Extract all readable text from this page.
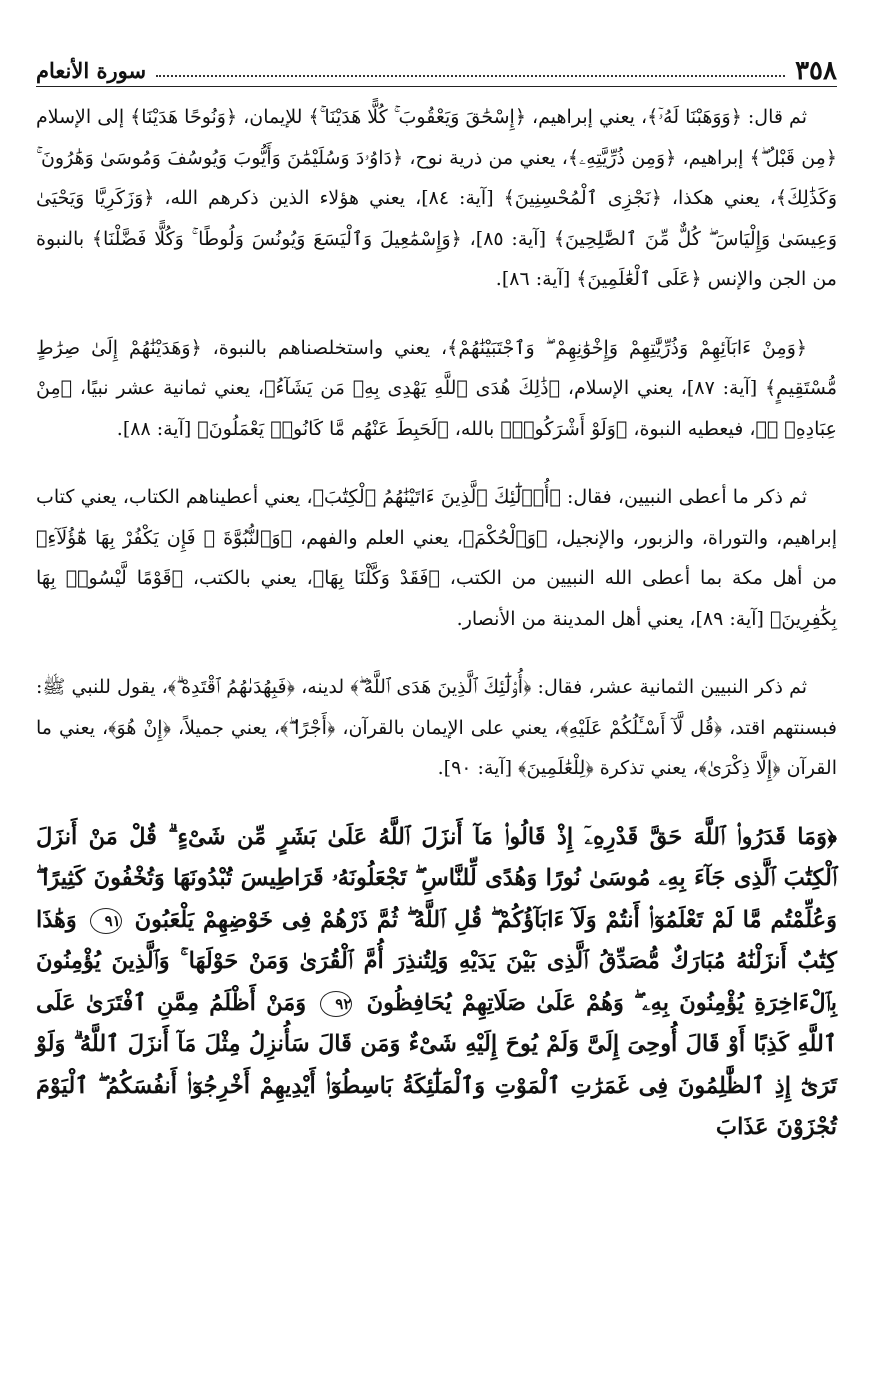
٣٥٨
سورة الأنعام

ثم قال: ﴿وَوَهَبْنَا لَهُۥٓ﴾، يعني إبراهيم، ﴿إِسْحَٰقَ وَيَعْقُوبَ ۚ كُلًّا هَدَيْنَا ۚ﴾ للإيمان، ﴿وَنُوحًا هَدَيْنَا﴾ إلى الإسلام ﴿مِن قَبْلُ ۖ﴾ إبراهيم، ﴿وَمِن ذُرِّيَّتِهِۦ﴾، يعني من ذرية نوح، ﴿دَاوُۥدَ وَسُلَيْمَٰنَ وَأَيُّوبَ وَيُوسُفَ وَمُوسَىٰ وَهَٰرُونَ ۚ وَكَذَٰلِكَ﴾، يعني هكذا، ﴿نَجْزِى ٱلْمُحْسِنِينَ﴾ [آية: ٨٤]، يعني هؤلاء الذين ذكرهم الله، ﴿وَزَكَرِيَّا وَيَحْيَىٰ وَعِيسَىٰ وَإِلْيَاسَ ۖ كُلٌّ مِّنَ ٱلصَّٰلِحِينَ﴾ [آية: ٨٥]، ﴿وَإِسْمَٰعِيلَ وَٱلْيَسَعَ وَيُونُسَ وَلُوطًا ۚ وَكُلًّا فَضَّلْنَا﴾ بالنبوة من الجن والإنس ﴿عَلَى ٱلْعَٰلَمِينَ﴾ [آية: ٨٦].

﴿وَمِنْ ءَابَآئِهِمْ وَذُرِّيَّٰتِهِمْ وَإِخْوَٰنِهِمْ ۖ وَٱجْتَبَيْنَٰهُمْ﴾، يعني واستخلصناهم بالنبوة، ﴿وَهَدَيْنَٰهُمْ إِلَىٰ صِرَٰطٍ مُّسْتَقِيمٍ﴾ [آية: ٨٧]، يعني الإسلام، ﴿ذَٰلِكَ هُدَى ٱللَّهِ يَهْدِى بِهِۦ مَن يَشَآءُ﴾، يعني ثمانية عشر نبيًا، ﴿مِنْ عِبَادِهِۦ ۚ﴾، فيعطيه النبوة، ﴿وَلَوْ أَشْرَكُوا۟﴾ بالله، ﴿لَحَبِطَ عَنْهُم مَّا كَانُوا۟ يَعْمَلُونَ﴾ [آية: ٨٨].

ثم ذكر ما أعطى النبيين، فقال: ﴿أُو۟لَٰٓئِكَ ٱلَّذِينَ ءَاتَيْنَٰهُمُ ٱلْكِتَٰبَ﴾، يعني أعطيناهم الكتاب، يعني كتاب إبراهيم، والتوراة، والزبور، والإنجيل، ﴿وَٱلْحُكْمَ﴾، يعني العلم والفهم، ﴿وَٱلنُّبُوَّةَ ۚ فَإِن يَكْفُرْ بِهَا هَٰٓؤُلَآءِ﴾ من أهل مكة بما أعطى الله النبيين من الكتب، ﴿فَقَدْ وَكَّلْنَا بِهَا﴾، يعني بالكتب، ﴿قَوْمًا لَّيْسُوا۟ بِهَا بِكَٰفِرِينَ﴾ [آية: ٨٩]، يعني أهل المدينة من الأنصار.

ثم ذكر النبيين الثمانية عشر، فقال: ﴿أُو۟لَٰٓئِكَ ٱلَّذِينَ هَدَى ٱللَّهُ ۖ﴾ لدينه، ﴿فَبِهُدَىٰهُمُ ٱقْتَدِهْ ۗ﴾، يقول للنبي ﷺ: فبسنتهم اقتد، ﴿قُل لَّآ أَسْـَٔلُكُمْ عَلَيْهِ﴾، يعني على الإيمان بالقرآن، ﴿أَجْرًا ۖ﴾، يعني جميلاً، ﴿إِنْ هُوَ﴾، يعني ما القرآن ﴿إِلَّا ذِكْرَىٰ﴾، يعني تذكرة ﴿لِلْعَٰلَمِينَ﴾ [آية: ٩٠].

﴿وَمَا قَدَرُوا۟ ٱللَّهَ حَقَّ قَدْرِهِۦٓ إِذْ قَالُوا۟ مَآ أَنزَلَ ٱللَّهُ عَلَىٰ بَشَرٍ مِّن شَىْءٍ ۗ قُلْ مَنْ أَنزَلَ ٱلْكِتَٰبَ ٱلَّذِى جَآءَ بِهِۦ مُوسَىٰ نُورًا وَهُدًى لِّلنَّاسِ ۖ تَجْعَلُونَهُۥ قَرَاطِيسَ تُبْدُونَهَا وَتُخْفُونَ كَثِيرًا ۖ وَعُلِّمْتُم مَّا لَمْ تَعْلَمُوٓا۟ أَنتُمْ وَلَآ ءَابَآؤُكُمْ ۖ قُلِ ٱللَّهُ ۖ ثُمَّ ذَرْهُمْ فِى خَوْضِهِمْ يَلْعَبُونَ ٩١ وَهَٰذَا كِتَٰبٌ أَنزَلْنَٰهُ مُبَارَكٌ مُّصَدِّقُ ٱلَّذِى بَيْنَ يَدَيْهِ وَلِتُنذِرَ أُمَّ ٱلْقُرَىٰ وَمَنْ حَوْلَهَا ۚ وَٱلَّذِينَ يُؤْمِنُونَ بِٱلْءَاخِرَةِ يُؤْمِنُونَ بِهِۦ ۖ وَهُمْ عَلَىٰ صَلَاتِهِمْ يُحَافِظُونَ ٩٢ وَمَنْ أَظْلَمُ مِمَّنِ ٱفْتَرَىٰ عَلَى ٱللَّهِ كَذِبًا أَوْ قَالَ أُوحِىَ إِلَىَّ وَلَمْ يُوحَ إِلَيْهِ شَىْءٌ وَمَن قَالَ سَأُنزِلُ مِثْلَ مَآ أَنزَلَ ٱللَّهُ ۗ وَلَوْ تَرَىٰٓ إِذِ ٱلظَّٰلِمُونَ فِى غَمَرَٰتِ ٱلْمَوْتِ وَٱلْمَلَٰٓئِكَةُ بَاسِطُوٓا۟ أَيْدِيهِمْ أَخْرِجُوٓا۟ أَنفُسَكُمُ ۖ ٱلْيَوْمَ تُجْزَوْنَ عَذَابَ
